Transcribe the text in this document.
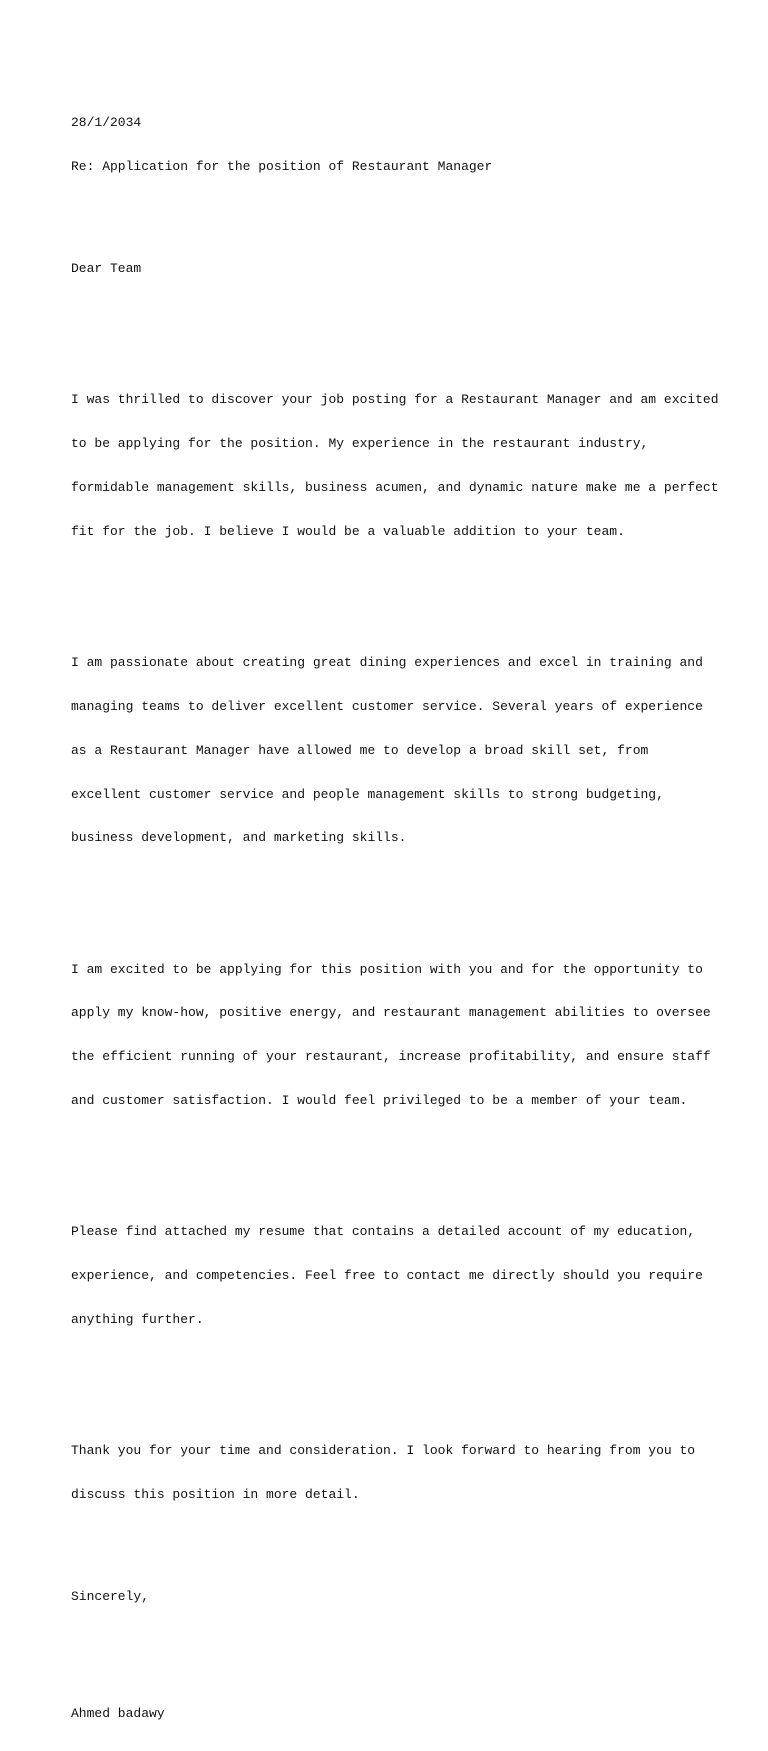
28/1/2034

Re: Application for the position of Restaurant Manager

Dear Team

I was thrilled to discover your job posting for a Restaurant Manager and am excited

to be applying for the position. My experience in the restaurant industry,

formidable management skills, business acumen, and dynamic nature make me a perfect

fit for the job. I believe I would be a valuable addition to your team.

I am passionate about creating great dining experiences and excel in training and

managing teams to deliver excellent customer service. Several years of experience

as a Restaurant Manager have allowed me to develop a broad skill set, from

excellent customer service and people management skills to strong budgeting,

business development, and marketing skills.

I am excited to be applying for this position with you and for the opportunity to

apply my know-how, positive energy, and restaurant management abilities to oversee

the efficient running of your restaurant, increase profitability, and ensure staff

and customer satisfaction. I would feel privileged to be a member of your team.

Please find attached my resume that contains a detailed account of my education,

experience, and competencies. Feel free to contact me directly should you require

anything further.

Thank you for your time and consideration. I look forward to hearing from you to

discuss this position in more detail.

Sincerely,

Ahmed badawy
